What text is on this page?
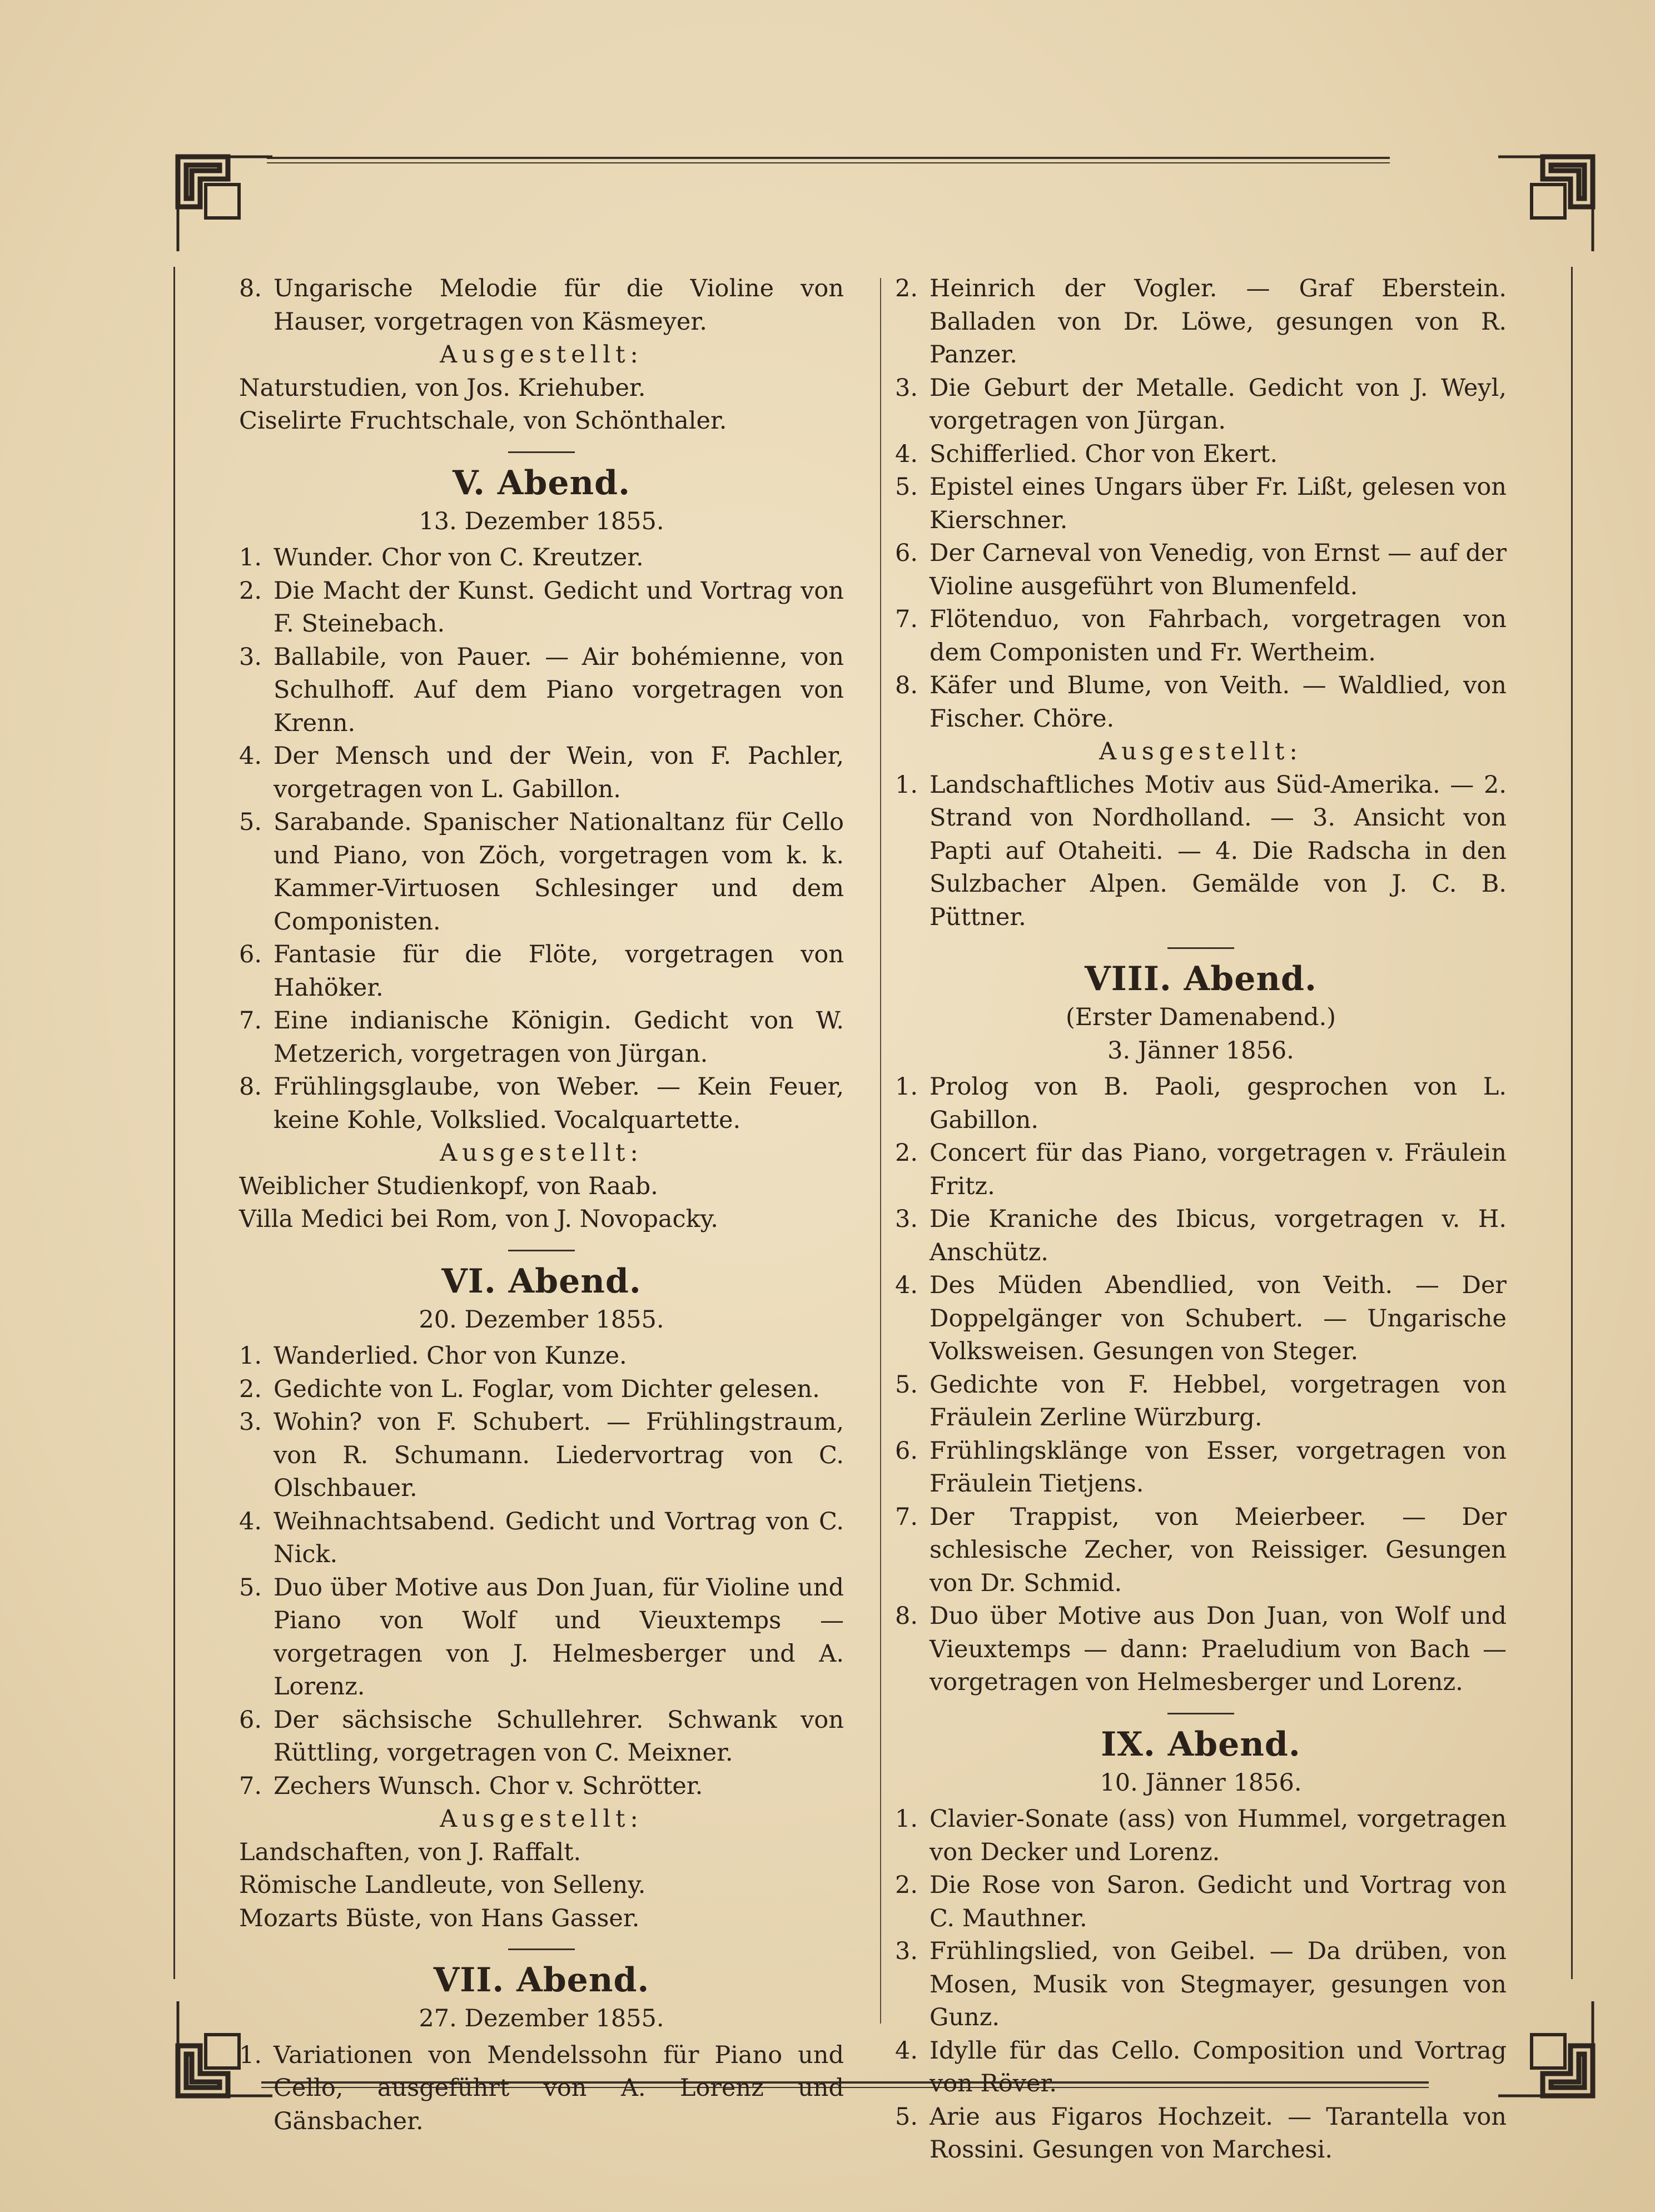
8. Ungarische Melodie für die Violine von Hauser, vorgetragen von Käsmeyer.
Ausgestellt:
Naturstudien, von Jos. Kriehuber.
Ciselirte Fruchtschale, von Schönthaler.
V. Abend.
13. Dezember 1855.
1. Wunder. Chor von C. Kreutzer.
2. Die Macht der Kunst. Gedicht und Vortrag von F. Steinebach.
3. Ballabile, von Pauer. — Air bohémienne, von Schulhoff. Auf dem Piano vorgetragen von Krenn.
4. Der Mensch und der Wein, von F. Pachler, vorgetragen von L. Gabillon.
5. Sarabande. Spanischer Nationaltanz für Cello und Piano, von Zöch, vorgetragen vom k. k. Kammer-Virtuosen Schlesinger und dem Componisten.
6. Fantasie für die Flöte, vorgetragen von Hahöker.
7. Eine indianische Königin. Gedicht von W. Metzerich, vorgetragen von Jürgan.
8. Frühlingsglaube, von Weber. — Kein Feuer, keine Kohle, Volkslied. Vocalquartette.
Ausgestellt:
Weiblicher Studienkopf, von Raab.
Villa Medici bei Rom, von J. Novopacky.
VI. Abend.
20. Dezember 1855.
1. Wanderlied. Chor von Kunze.
2. Gedichte von L. Foglar, vom Dichter gelesen.
3. Wohin? von F. Schubert. — Frühlingstraum, von R. Schumann. Liedervortrag von C. Olschbauer.
4. Weihnachtsabend. Gedicht und Vortrag von C. Nick.
5. Duo über Motive aus Don Juan, für Violine und Piano von Wolf und Vieuxtemps — vorgetragen von J. Helmesberger und A. Lorenz.
6. Der sächsische Schullehrer. Schwank von Rüttling, vorgetragen von C. Meixner.
7. Zechers Wunsch. Chor v. Schrötter.
Ausgestellt:
Landschaften, von J. Raffalt.
Römische Landleute, von Selleny.
Mozarts Büste, von Hans Gasser.
VII. Abend.
27. Dezember 1855.
1. Variationen von Mendelssohn für Piano und Cello, ausgeführt von A. Lorenz und Gänsbacher.
2. Heinrich der Vogler. — Graf Eberstein. Balladen von Dr. Löwe, gesungen von R. Panzer.
3. Die Geburt der Metalle. Gedicht von J. Weyl, vorgetragen von Jürgan.
4. Schifferlied. Chor von Ekert.
5. Epistel eines Ungars über Fr. Lißt, gelesen von Kierschner.
6. Der Carneval von Venedig, von Ernst — auf der Violine ausgeführt von Blumenfeld.
7. Flötenduo, von Fahrbach, vorgetragen von dem Componisten und Fr. Wertheim.
8. Käfer und Blume, von Veith. — Waldlied, von Fischer. Chöre.
Ausgestellt:
1. Landschaftliches Motiv aus Süd-Amerika. — 2. Strand von Nordholland. — 3. Ansicht von Papti auf Otaheiti. — 4. Die Radscha in den Sulzbacher Alpen. Gemälde von J. C. B. Püttner.
VIII. Abend.
(Erster Damenabend.)
3. Jänner 1856.
1. Prolog von B. Paoli, gesprochen von L. Gabillon.
2. Concert für das Piano, vorgetragen v. Fräulein Fritz.
3. Die Kraniche des Ibicus, vorgetragen v. H. Anschütz.
4. Des Müden Abendlied, von Veith. — Der Doppelgänger von Schubert. — Ungarische Volksweisen. Gesungen von Steger.
5. Gedichte von F. Hebbel, vorgetragen von Fräulein Zerline Würzburg.
6. Frühlingsklänge von Esser, vorgetragen von Fräulein Tietjens.
7. Der Trappist, von Meierbeer. — Der schlesische Zecher, von Reissiger. Gesungen von Dr. Schmid.
8. Duo über Motive aus Don Juan, von Wolf und Vieuxtemps — dann: Praeludium von Bach — vorgetragen von Helmesberger und Lorenz.
IX. Abend.
10. Jänner 1856.
1. Clavier-Sonate (ass) von Hummel, vorgetragen von Decker und Lorenz.
2. Die Rose von Saron. Gedicht und Vortrag von C. Mauthner.
3. Frühlingslied, von Geibel. — Da drüben, von Mosen, Musik von Stegmayer, gesungen von Gunz.
4. Idylle für das Cello. Composition und Vortrag von Röver.
5. Arie aus Figaros Hochzeit. — Tarantella von Rossini. Gesungen von Marchesi.
